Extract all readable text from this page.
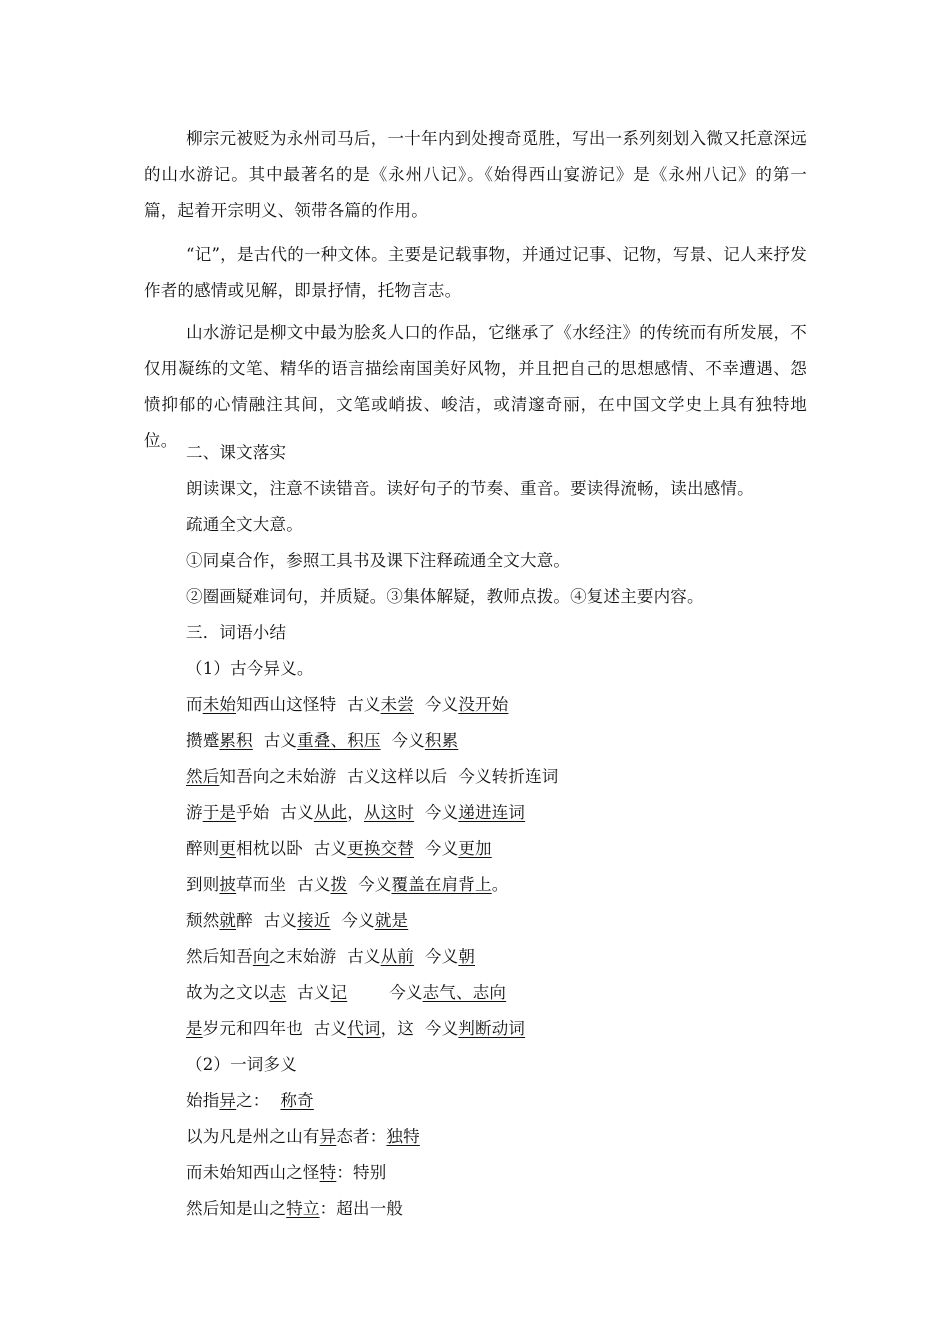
柳宗元被贬为永州司马后，一十年内到处搜奇觅胜，写出一系列刻划入微又托意深远的山水游记。其中最著名的是《永州八记》。《始得西山宴游记》是《永州八记》的第一篇，起着开宗明义、领带各篇的作用。

“记”，是古代的一种文体。主要是记载事物，并通过记事、记物，写景、记人来抒发作者的感情或见解，即景抒情，托物言志。

山水游记是柳文中最为脍炙人口的作品，它继承了《水经注》的传统而有所发展，不仅用凝练的文笔、精华的语言描绘南国美好风物，并且把自己的思想感情、不幸遭遇、怨愤抑郁的心情融注其间，文笔或峭拔、峻洁，或清邃奇丽，在中国文学史上具有独特地位。

二、课文落实
朗读课文，注意不读错音。读好句子的节奏、重音。要读得流畅，读出感情。
疏通全文大意。
①同桌合作，参照工具书及课下注释疏通全文大意。
②圈画疑难词句，并质疑。③集体解疑，教师点拨。④复述主要内容。
三．词语小结
（1）古今异义。
而未始知西山这怪特  古义未尝  今义没开始
攒蹙累积  古义重叠、积压  今义积累
然后知吾向之未始游  古义这样以后  今义转折连词
游于是乎始  古义从此，从这时  今义递进连词
醉则更相枕以卧  古义更换交替  今义更加
到则披草而坐  古义拨  今义覆盖在肩背上。
颓然就醉  古义接近  今义就是
然后知吾向之末始游  古义从前  今义朝
故为之文以志  古义记	今义志气、志向
是岁元和四年也  古义代词，这  今义判断动词
（2）一词多义
始指异之：  称奇
以为凡是州之山有异态者：独特
而未始知西山之怪特：特别
然后知是山之特立：超出一般
